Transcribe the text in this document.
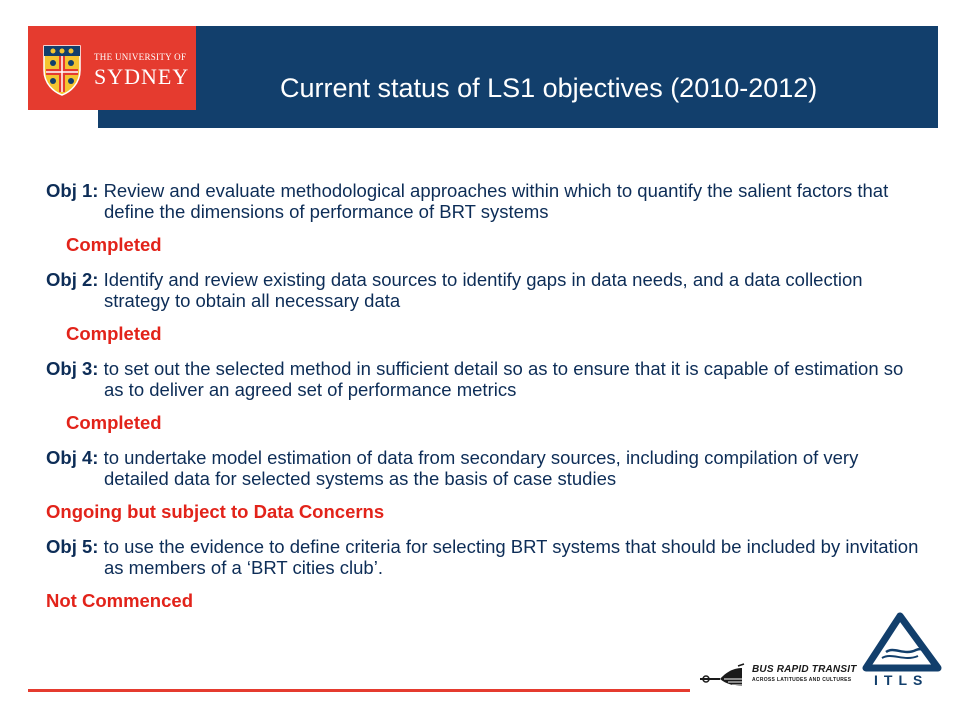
THE UNIVERSITY OF
SYDNEY	Current status of LS1 objectives (2010-2012)

Obj 1: Review and evaluate methodological approaches within which to quantify the salient factors that define the dimensions of performance of BRT systems

Completed

Obj 2: Identify and review existing data sources to identify gaps in data needs, and a data collection strategy to obtain all necessary data

Completed

Obj 3: to set out the selected method in sufficient detail so as to ensure that it is capable of estimation so as to deliver an agreed set of performance metrics

Completed

Obj 4: to undertake model estimation of data from secondary sources, including compilation of very detailed data for selected systems as the basis of case studies

Ongoing but subject to Data Concerns

Obj 5: to use the evidence to define criteria for selecting BRT systems that should be included by invitation as members of a ‘BRT cities club’.

Not Commenced

BUS RAPID TRANSIT
ACROSS LATITUDES AND CULTURES ITLS
